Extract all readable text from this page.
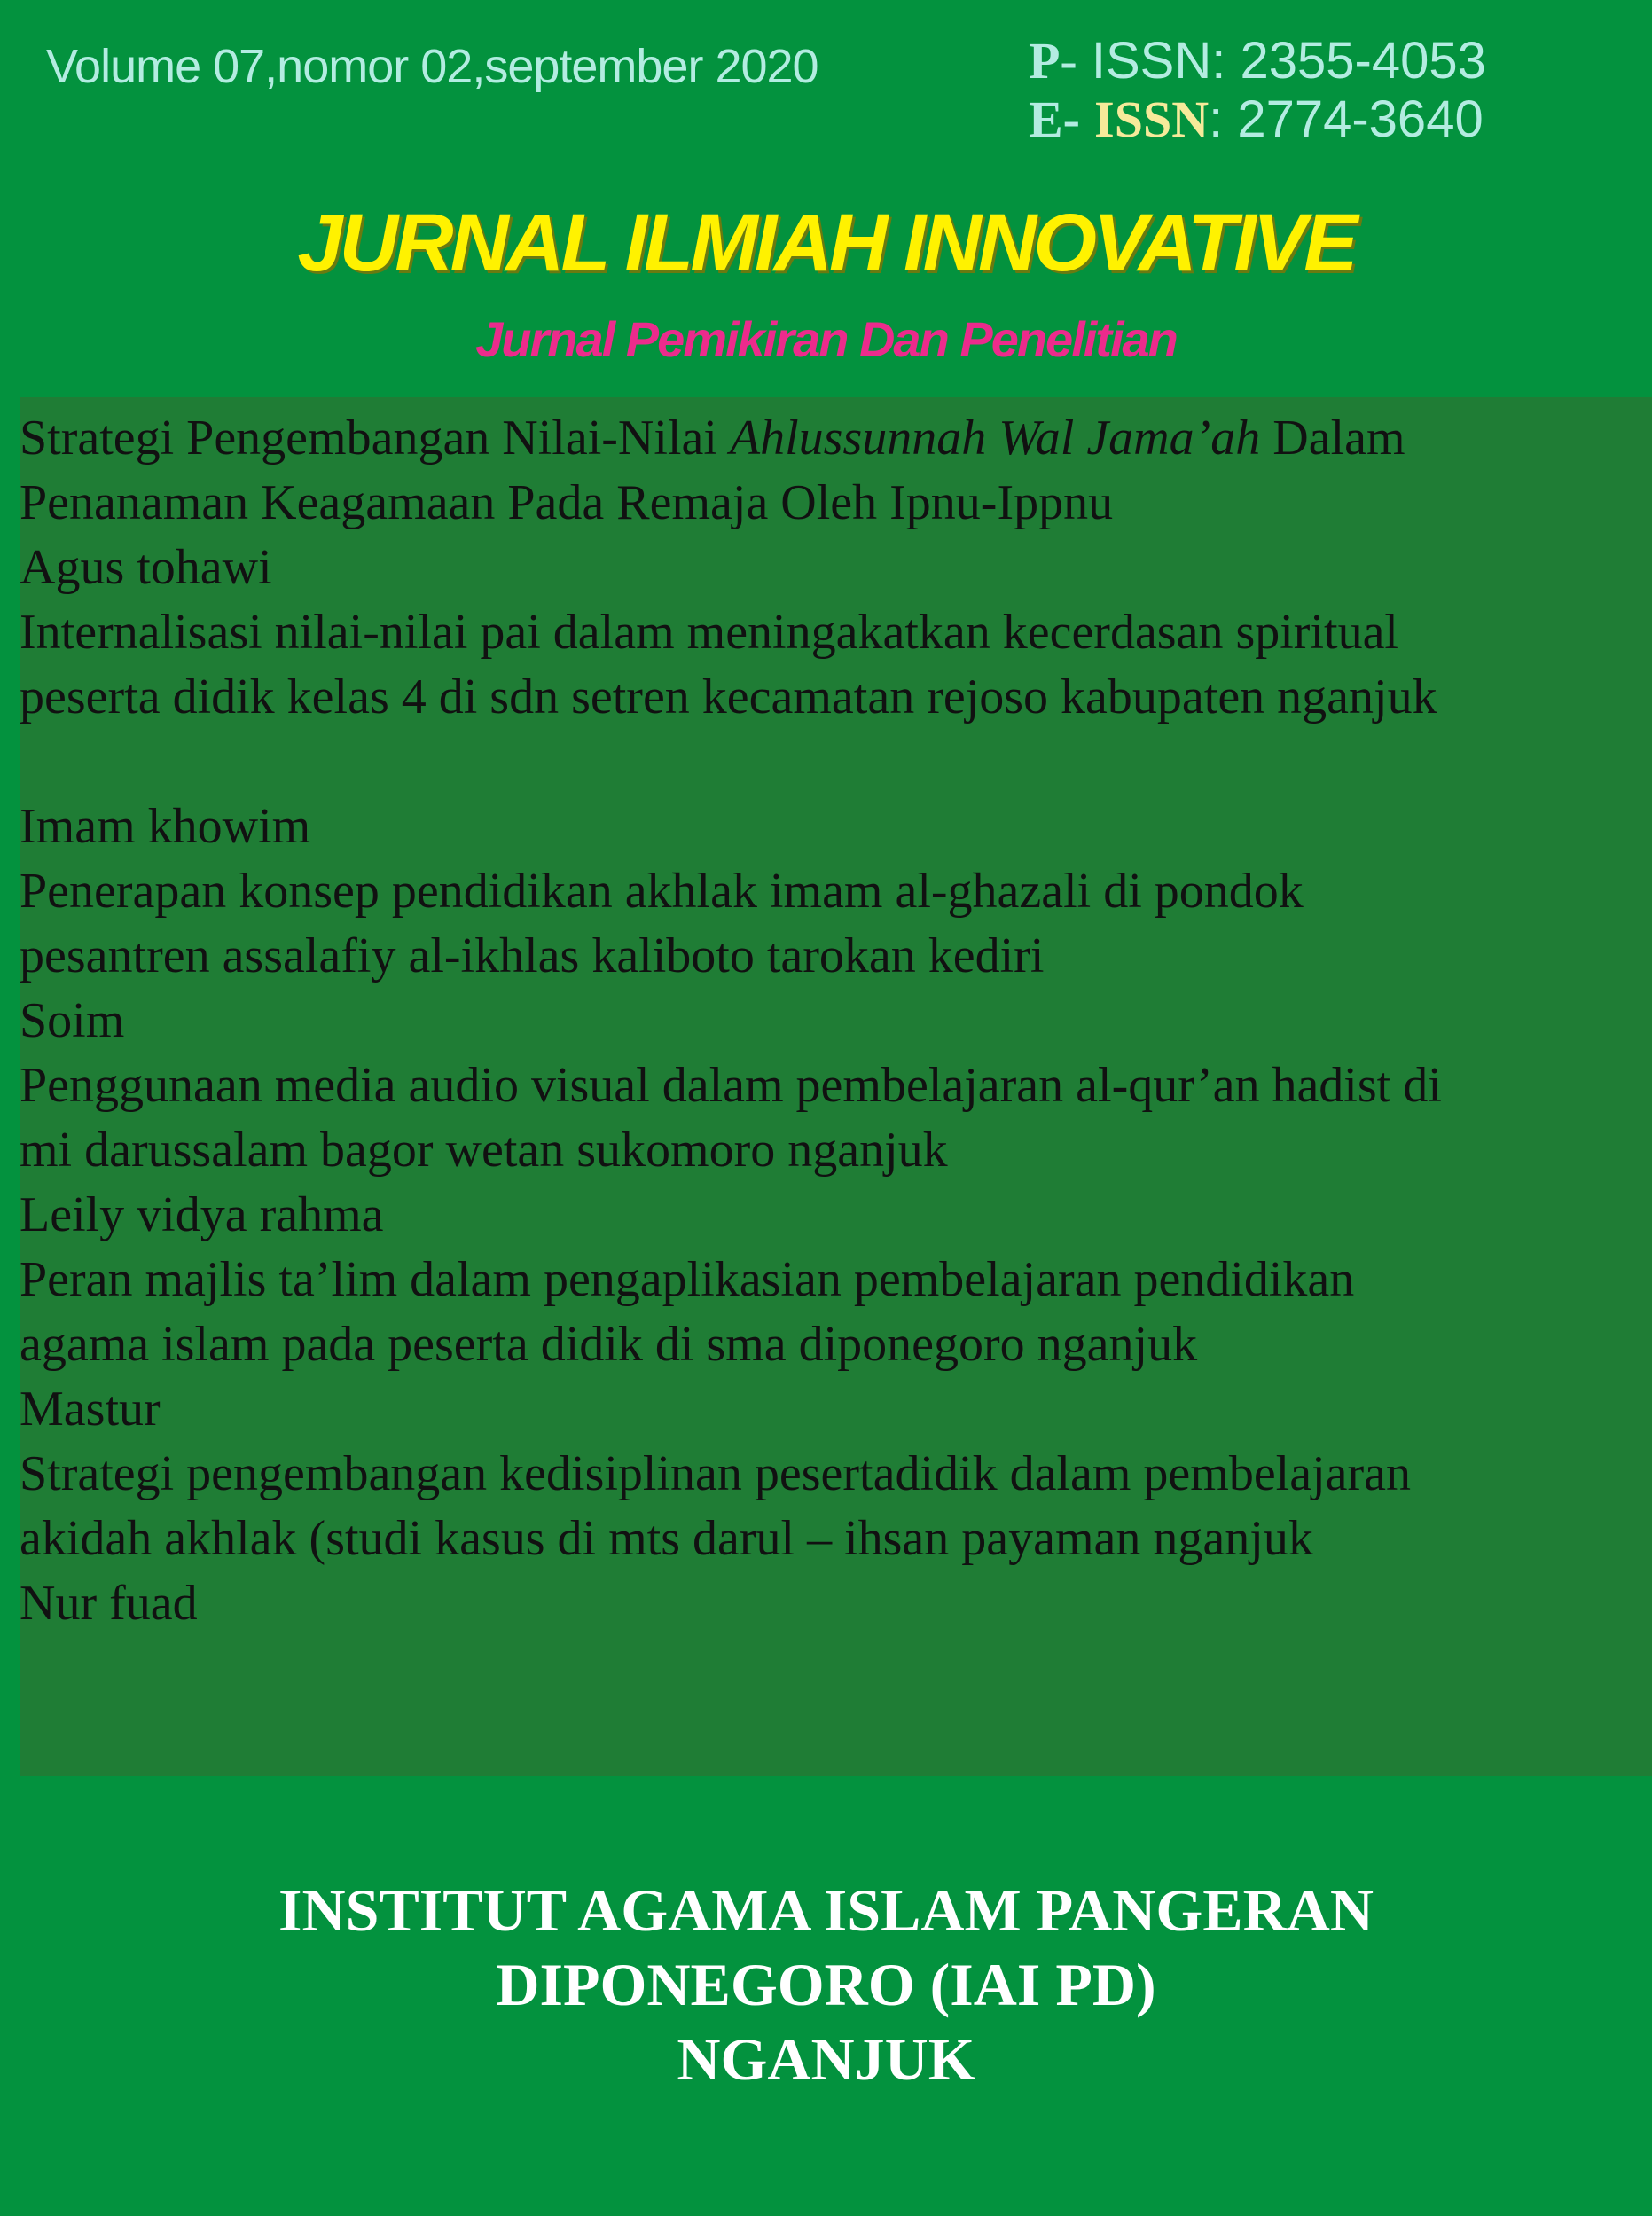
Volume 07,nomor 02,september 2020	P- ISSN: 2355-4053
E- ISSN: 2774-3640
JURNAL ILMIAH INNOVATIVE
Jurnal Pemikiran Dan Penelitian

Strategi Pengembangan Nilai-Nilai Ahlussunnah Wal Jama’ah Dalam

Penanaman Keagamaan Pada Remaja Oleh Ipnu-Ippnu

Agus tohawi

Internalisasi nilai-nilai pai dalam meningakatkan kecerdasan spiritual

peserta didik kelas 4 di sdn setren kecamatan rejoso kabupaten nganjuk

Imam khowim

Penerapan konsep pendidikan akhlak imam al-ghazali di pondok

pesantren assalafiy al-ikhlas kaliboto tarokan kediri

Soim

Penggunaan media audio visual dalam pembelajaran al-qur’an hadist di

mi darussalam bagor wetan sukomoro nganjuk

Leily vidya rahma

Peran majlis ta’lim dalam pengaplikasian pembelajaran pendidikan

agama islam pada peserta didik di sma diponegoro nganjuk

Mastur

Strategi pengembangan kedisiplinan pesertadidik dalam pembelajaran

akidah akhlak (studi kasus di mts darul – ihsan payaman nganjuk

Nur fuad

INSTITUT AGAMA ISLAM PANGERAN
DIPONEGORO (IAI PD)
NGANJUK
